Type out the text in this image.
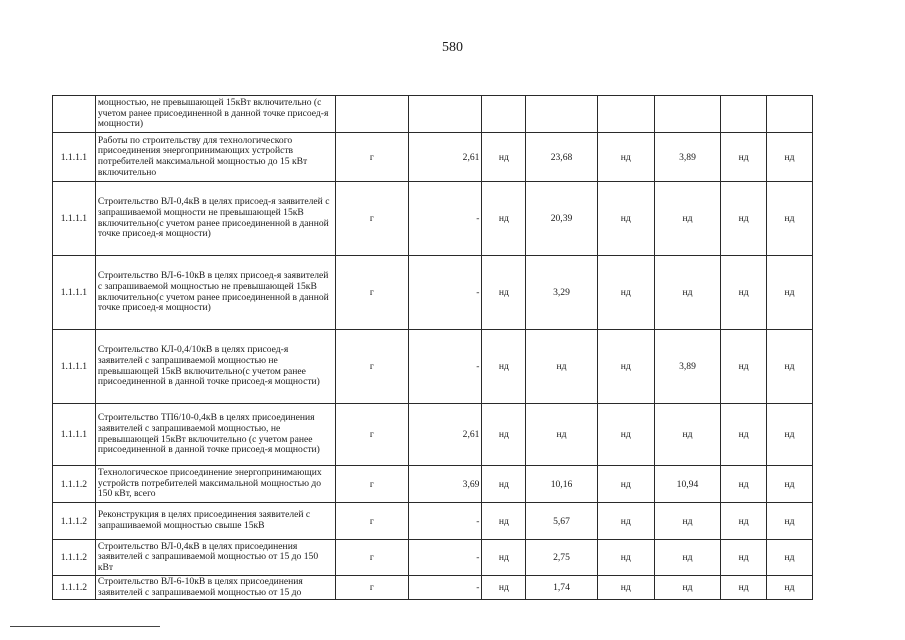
580
	мощностью, не превышающей 15кВт включительно (с учетом ранее присоединенной в данной точке присоед-я мощности)								
1.1.1.1	Работы по строительству для технологического присоединения энергопринимающих устройств потребителей максимальной мощностью до 15 кВт включительно	г	2,61	нд	23,68	нд	3,89	нд	нд
1.1.1.1	Строительство ВЛ-0,4кВ в целях присоед-я заявителей с запрашиваемой мощности не превышающей 15кВ включительно(с учетом ранее присоединенной в данной точке присоед-я мощности)	г	-	нд	20,39	нд	нд	нд	нд
1.1.1.1	Строительство ВЛ-6-10кВ в целях присоед-я заявителей с запрашиваемой мощностью не превышающей 15кВ включительно(с учетом ранее присоединенной в данной точке присоед-я мощности)	г	-	нд	3,29	нд	нд	нд	нд
1.1.1.1	Строительство КЛ-0,4/10кВ в целях присоед-я заявителей с запрашиваемой мощностью не превышающей 15кВ включительно(с учетом ранее присоединенной в данной точке присоед-я мощности)	г	-	нд	нд	нд	3,89	нд	нд
1.1.1.1	Строительство ТП6/10-0,4кВ в целях присоединения заявителей с запрашиваемой мощностью, не превышающей 15кВт включительно (с учетом ранее присоединенной в данной точке присоед-я мощности)	г	2,61	нд	нд	нд	нд	нд	нд
1.1.1.2	Технологическое присоединение энергопринимающих устройств потребителей максимальной мощностью до 150 кВт, всего	г	3,69	нд	10,16	нд	10,94	нд	нд
1.1.1.2	Реконструкция в целях присоединения заявителей с запрашиваемой мощностью свыше 15кВ	г	-	нд	5,67	нд	нд	нд	нд
1.1.1.2	Строительство ВЛ-0,4кВ в целях присоединения заявителей с запрашиваемой мощностью от 15 до 150 кВт	г	-	нд	2,75	нд	нд	нд	нд
1.1.1.2	Строительство ВЛ-6-10кВ в целях присоединения заявителей с запрашиваемой мощностью от 15 до	г	-	нд	1,74	нд	нд	нд	нд
